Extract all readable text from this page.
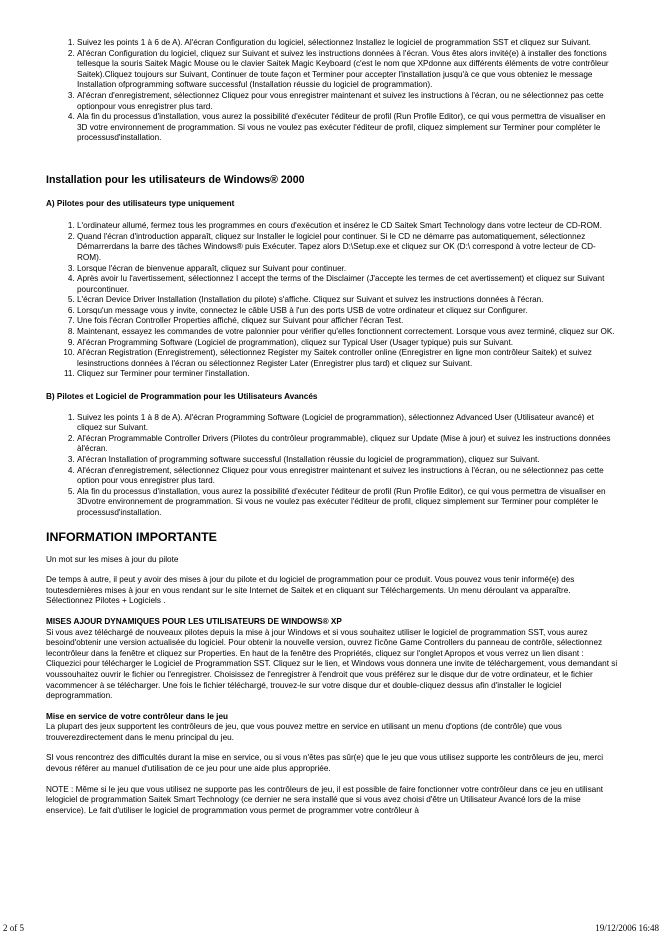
1. Suivez les points 1 à 6 de A). Al'écran Configuration du logiciel, sélectionnez Installez le logiciel de programmation SST et cliquez sur Suivant.
2. Al'écran Configuration du logiciel, cliquez sur Suivant et suivez les instructions données à l'écran. Vous êtes alors invité(e) à installer des fonctions tellesque la souris Saitek Magic Mouse ou le clavier Saitek Magic Keyboard (c'est le nom que XPdonne aux différents éléments de votre contrôleur Saitek).Cliquez toujours sur Suivant, Continuer de toute façon et Terminer pour accepter l'installation jusqu'à ce que vous obteniez le message Installation ofprogramming software successful (Installation réussie du logiciel de programmation).
3. Al'écran d'enregistrement, sélectionnez Cliquez pour vous enregistrer maintenant et suivez les instructions à l'écran, ou ne sélectionnez pas cette optionpour vous enregistrer plus tard.
4. Ala fin du processus d'installation, vous aurez la possibilité d'exécuter l'éditeur de profil (Run Profile Editor), ce qui vous permettra de visualiser en 3D votre environnement de programmation. Si vous ne voulez pas exécuter l'éditeur de profil, cliquez simplement sur Terminer pour compléter le processusd'installation.
Installation pour les utilisateurs de Windows® 2000
A) Pilotes pour des utilisateurs type uniquement
1. L'ordinateur allumé, fermez tous les programmes en cours d'exécution et insérez le CD Saitek Smart Technology dans votre lecteur de CD-ROM.
2. Quand l'écran d'introduction apparaît, cliquez sur Installer le logiciel pour continuer. Si le CD ne démarre pas automatiquement, sélectionnez Démarrerdans la barre des tâches Windows® puis Exécuter. Tapez alors D:\Setup.exe et cliquez sur OK (D:\ correspond à votre lecteur de CD-ROM).
3. Lorsque l'écran de bienvenue apparaît, cliquez sur Suivant pour continuer.
4. Après avoir lu l'avertissement, sélectionnez I accept the terms of the Disclaimer (J'accepte les termes de cet avertissement) et cliquez sur Suivant pourcontinuer.
5. L'écran Device Driver Installation (Installation du pilote) s'affiche. Cliquez sur Suivant et suivez les instructions données à l'écran.
6. Lorsqu'un message vous y invite, connectez le câble USB à l'un des ports USB de votre ordinateur et cliquez sur Configurer.
7. Une fois l'écran Controller Properties affiché, cliquez sur Suivant pour afficher l'écran Test.
8. Maintenant, essayez les commandes de votre palonnier pour vérifier qu'elles fonctionnent correctement. Lorsque vous avez terminé, cliquez sur OK.
9. Al'écran Programming Software (Logiciel de programmation), cliquez sur Typical User (Usager typique) puis sur Suivant.
10. Al'écran Registration (Enregistrement), sélectionnez Register my Saitek controller online (Enregistrer en ligne mon contrôleur Saitek) et suivez lesinstructions données à l'écran ou sélectionnez Register Later (Enregistrer plus tard) et cliquez sur Suivant.
11. Cliquez sur Terminer pour terminer l'installation.
B) Pilotes et Logiciel de Programmation pour les Utilisateurs Avancés
1. Suivez les points 1 à 8 de A). Al'écran Programming Software (Logiciel de programmation), sélectionnez Advanced User (Utilisateur avancé) et cliquez sur Suivant.
2. Al'écran Programmable Controller Drivers (Pilotes du contrôleur programmable), cliquez sur Update (Mise à jour) et suivez les instructions données àl'écran.
3. Al'écran Installation of programming software successful (Installation réussie du logiciel de programmation), cliquez sur Suivant.
4. Al'écran d'enregistrement, sélectionnez Cliquez pour vous enregistrer maintenant et suivez les instructions à l'écran, ou ne sélectionnez pas cette option pour vous enregistrer plus tard.
5. Ala fin du processus d'installation, vous aurez la possibilité d'exécuter l'éditeur de profil (Run Profile Editor), ce qui vous permettra de visualiser en 3Dvotre environnement de programmation. Si vous ne voulez pas exécuter l'éditeur de profil, cliquez simplement sur Terminer pour compléter le processusd'installation.
INFORMATION IMPORTANTE

Un mot sur les mises à jour du pilote

De temps à autre, il peut y avoir des mises à jour du pilote et du logiciel de programmation pour ce produit. Vous pouvez vous tenir informé(e) des toutesdernières mises à jour en vous rendant sur le site Internet de Saitek et en cliquant sur Téléchargements. Un menu déroulant va apparaître. Sélectionnez Pilotes + Logiciels .

MISES AJOUR DYNAMIQUES POUR LES UTILISATEURS DE WINDOWS® XP

Si vous avez téléchargé de nouveaux pilotes depuis la mise à jour Windows et si vous souhaitez utiliser le logiciel de programmation SST, vous aurez besoind'obtenir une version actualisée du logiciel. Pour obtenir la nouvelle version, ouvrez l'icône Game Controllers du panneau de contrôle, sélectionnez lecontrôleur dans la fenêtre et cliquez sur Properties. En haut de la fenêtre des Propriétés, cliquez sur l'onglet Apropos et vous verrez un lien disant : Cliquezici pour télécharger le Logiciel de Programmation SST. Cliquez sur le lien, et Windows vous donnera une invite de téléchargement, vous demandant si voussouhaitez ouvrir le fichier ou l'enregistrer. Choisissez de l'enregistrer à l'endroit que vous préférez sur le disque dur de votre ordinateur, et le fichier vacommencer à se télécharger. Une fois le fichier téléchargé, trouvez-le sur votre disque dur et double-cliquez dessus afin d'installer le logiciel deprogrammation.

Mise en service de votre contrôleur dans le jeu

La plupart des jeux supportent les contrôleurs de jeu, que vous pouvez mettre en service en utilisant un menu d'options (de contrôle) que vous trouverezdirectement dans le menu principal du jeu.

SI vous rencontrez des difficultés durant la mise en service, ou si vous n'êtes pas sûr(e) que le jeu que vous utilisez supporte les contrôleurs de jeu, merci devous référer au manuel d'utilisation de ce jeu pour une aide plus appropriée.

NOTE : Même si le jeu que vous utilisez ne supporte pas les contrôleurs de jeu, il est possible de faire fonctionner votre contrôleur dans ce jeu en utilisant lelogiciel de programmation Saitek Smart Technology (ce dernier ne sera installé que si vous avez choisi d'être un Utilisateur Avancé lors de la mise enservice). Le fait d'utiliser le logiciel de programmation vous permet de programmer votre contrôleur à

2 of 5	19/12/2006 16:48
